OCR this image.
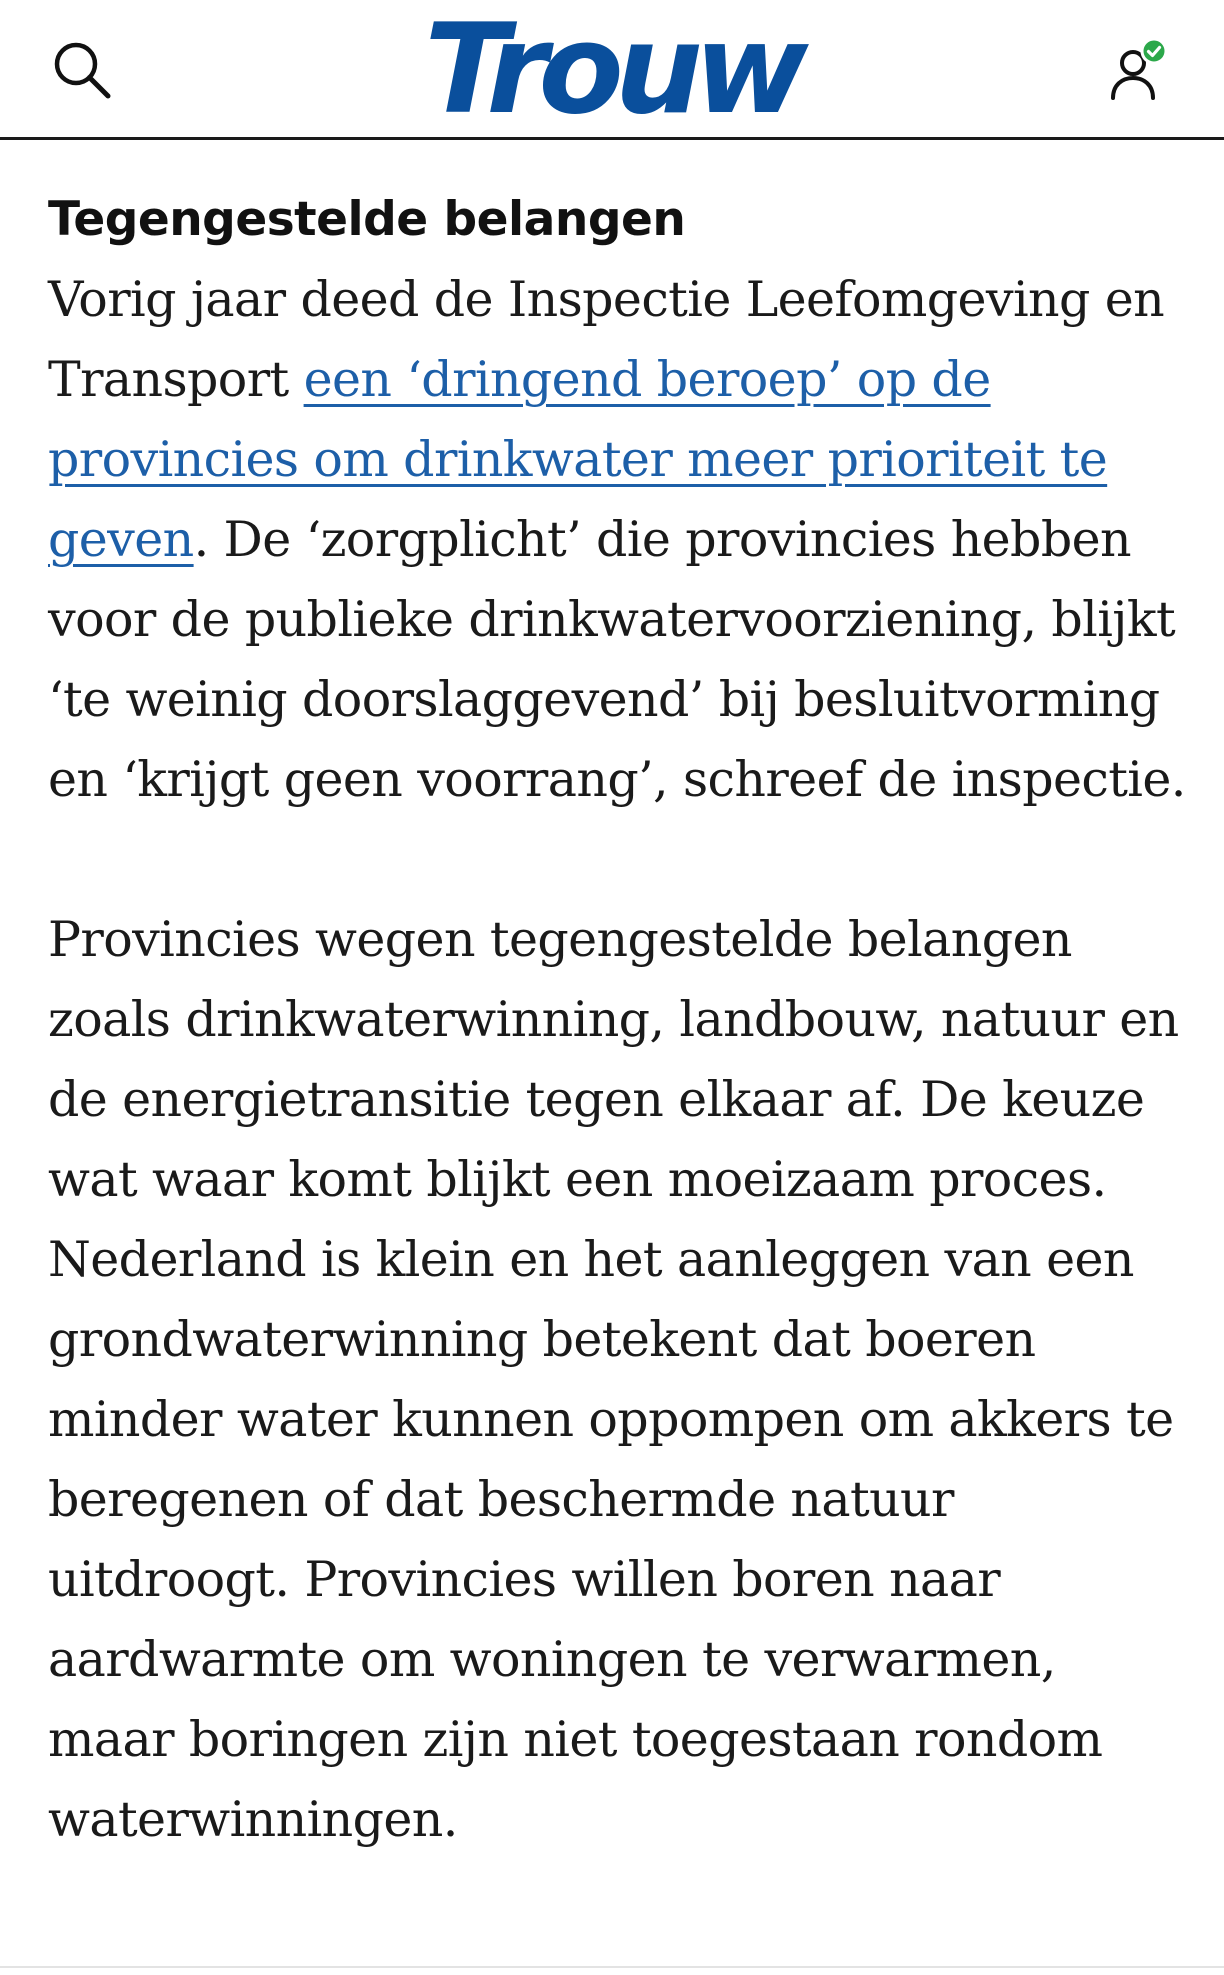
Trouw
Tegengestelde belangen

Vorig jaar deed de Inspectie Leefomgeving en Transport een ‘dringend beroep’ op de provincies om drinkwater meer prioriteit te geven. De ‘zorgplicht’ die provincies hebben voor de publieke drinkwatervoorziening, blijkt ‘te weinig doorslaggevend’ bij besluitvorming en ‘krijgt geen voorrang’, schreef de inspectie.

Provincies wegen tegengestelde belangen zoals drinkwaterwinning, landbouw, natuur en de energietransitie tegen elkaar af. De keuze wat waar komt blijkt een moeizaam proces. Nederland is klein en het aanleggen van een grondwaterwinning betekent dat boeren minder water kunnen oppompen om akkers te beregenen of dat beschermde natuur uitdroogt. Provincies willen boren naar aardwarmte om woningen te verwarmen, maar boringen zijn niet toegestaan rondom waterwinningen.
